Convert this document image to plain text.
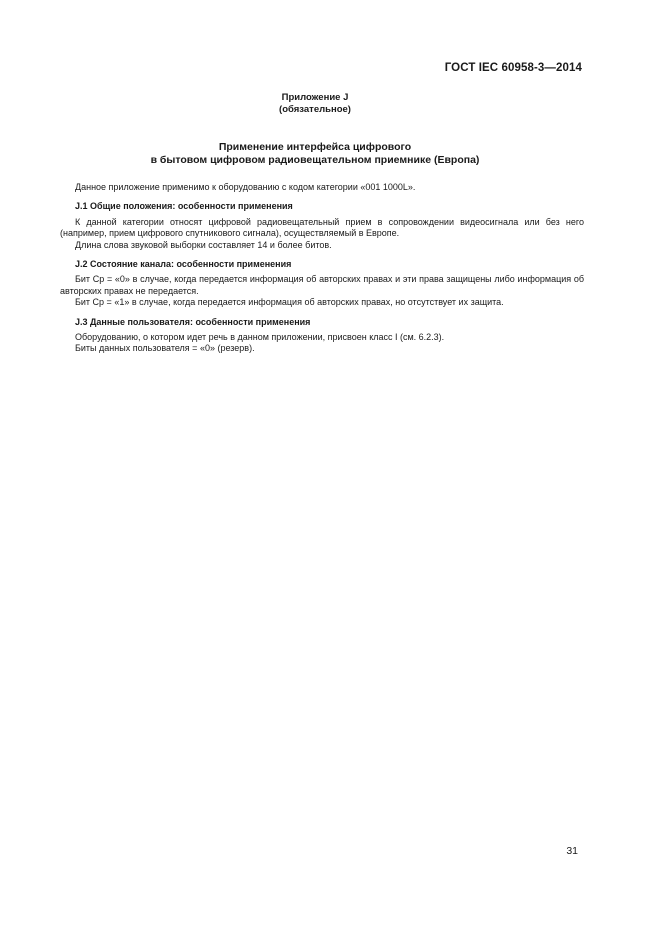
ГОСТ IEC 60958-3—2014
Приложение J
(обязательное)
Применение интерфейса цифрового
в бытовом цифровом радиовещательном приемнике (Европа)

Данное приложение применимо к оборудованию с кодом категории «001 1000L».

J.1 Общие положения: особенности применения

К данной категории относят цифровой радиовещательный прием в сопровождении видеосигнала или без него (например, прием цифрового спутникового сигнала), осуществляемый в Европе.

Длина слова звуковой выборки составляет 14 и более битов.

J.2 Состояние канала: особенности применения

Бит Cp = «0» в случае, когда передается информация об авторских правах и эти права защищены либо информация об авторских правах не передается.

Бит Cp = «1» в случае, когда передается информация об авторских правах, но отсутствует их защита.

J.3 Данные пользователя: особенности применения

Оборудованию, о котором идет речь в данном приложении, присвоен класс I (см. 6.2.3).

Биты данных пользователя = «0» (резерв).

31
